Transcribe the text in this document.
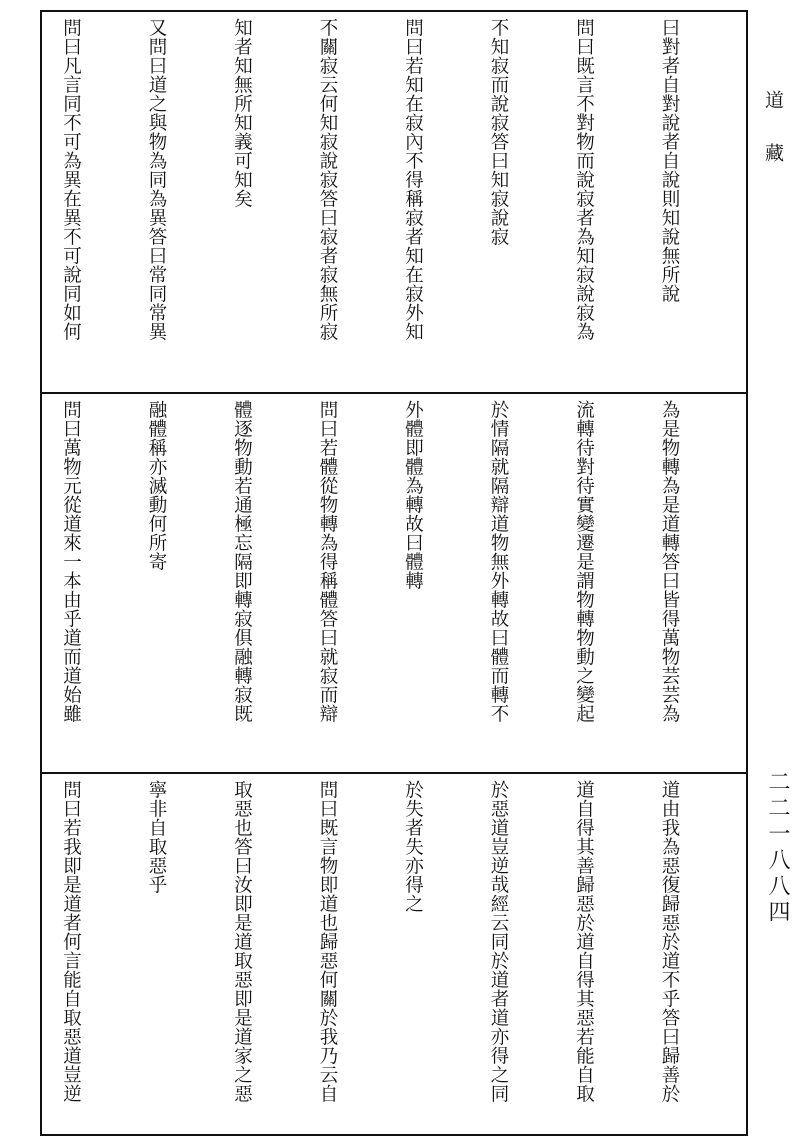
曰對者自對說者自說則知說無所說

問曰既言不對物而說寂者為知寂說寂為

不知寂而說寂答曰知寂說寂

問曰若知在寂內不得稱寂者知在寂外知

不關寂云何知寂說寂答曰寂者寂無所寂

知者知無所知義可知矣

又問曰道之與物為同為異答曰常同常異

問曰凡言同不可為異在異不可說同如何

為是物轉為是道轉答曰皆得萬物芸芸為

流轉待對待實變遷是謂物轉物動之變起

於情隔就隔辯道物無外轉故曰體而轉不

外體即體為轉故曰體轉

問曰若體從物轉為得稱體答曰就寂而辯

體逐物動若通極忘隔即轉寂俱融轉寂既

融體稱亦滅動何所寄

問曰萬物元從道來一本由乎道而道始雖

道由我為惡復歸惡於道不乎答曰歸善於

道自得其善歸惡於道自得其惡若能自取

於惡道豈逆哉經云同於道者道亦得之同

於失者失亦得之

問曰既言物即道也歸惡何關於我乃云自

取惡也答曰汝即是道取惡即是道家之惡

寧非自取惡乎

問曰若我即是道者何言能自取惡道豈逆

道 藏
二二一八八四
